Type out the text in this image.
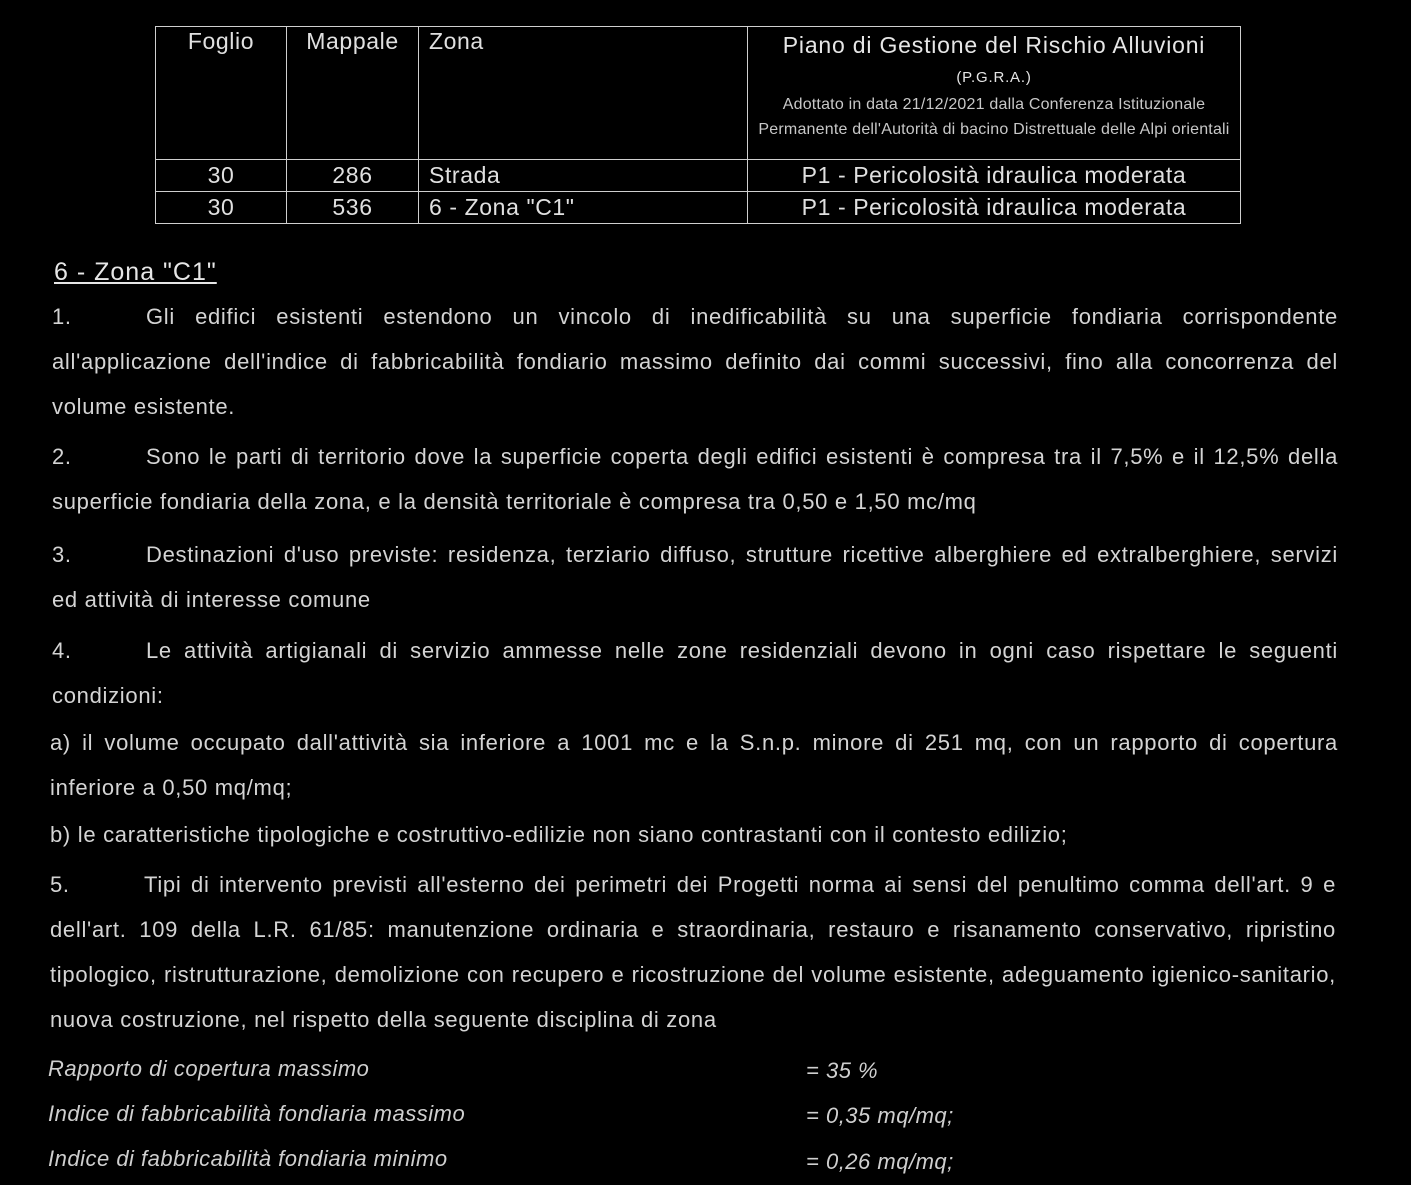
Foglio	Mappale	Zona	Piano di Gestione del Rischio Alluvioni (P.G.R.A.)
Adottato in data 21/12/2021 dalla Conferenza Istituzionale Permanente dell'Autorità di bacino Distrettuale delle Alpi orientali

30	286	Strada	P1 - Pericolosità idraulica moderata
30	536	6 - Zona "C1"	P1 - Pericolosità idraulica moderata
6 - Zona "C1"
1.	Gli edifici esistenti estendono un vincolo di inedificabilità su una superficie fondiaria corrispondente all'applicazione dell'indice di fabbricabilità fondiario massimo definito dai commi successivi, fino alla concorrenza del volume esistente.
2.	Sono le parti di territorio dove la superficie coperta degli edifici esistenti è compresa tra il 7,5% e il 12,5% della superficie fondiaria della zona, e la densità territoriale è compresa tra 0,50 e 1,50 mc/mq
3.	Destinazioni d'uso previste: residenza, terziario diffuso, strutture ricettive alberghiere ed extralberghiere, servizi ed attività di interesse comune
4.	Le attività artigianali di servizio ammesse nelle zone residenziali devono in ogni caso rispettare le seguenti condizioni:
a) il volume occupato dall'attività sia inferiore a 1001 mc e la S.n.p. minore di 251 mq, con un rapporto di copertura inferiore a 0,50 mq/mq;
b) le caratteristiche tipologiche e costruttivo-edilizie non siano contrastanti con il contesto edilizio;
5.	Tipi di intervento previsti all'esterno dei perimetri dei Progetti norma ai sensi del penultimo comma dell'art. 9 e dell'art. 109 della L.R. 61/85: manutenzione ordinaria e straordinaria, restauro e risanamento conservativo, ripristino tipologico, ristrutturazione, demolizione con recupero e ricostruzione del volume esistente, adeguamento igienico-sanitario, nuova costruzione, nel rispetto della seguente disciplina di zona
Rapporto di copertura massimo	= 35 %
Indice di fabbricabilità fondiaria massimo	= 0,35 mq/mq;
Indice di fabbricabilità fondiaria minimo	= 0,26 mq/mq;
